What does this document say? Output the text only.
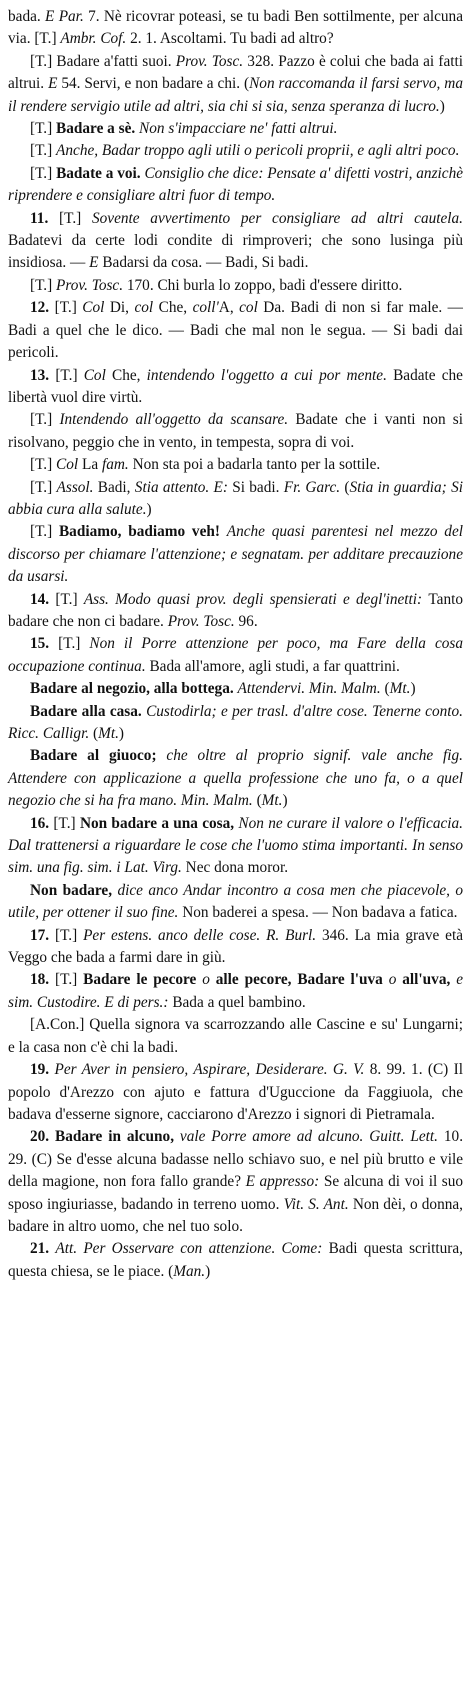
bada. E Par. 7. Nè ricovrar poteasi, se tu badi Ben sottilmente, per alcuna via. [T.] Ambr. Cof. 2. 1. Ascoltami. Tu badi ad altro?

[T.] Badare a'fatti suoi. Prov. Tosc. 328. Pazzo è colui che bada ai fatti altrui. E 54. Servi, e non badare a chi. (Non raccomanda il farsi servo, ma il rendere servigio utile ad altri, sia chi si sia, senza speranza di lucro.)

[T.] Badare a sè. Non s'impacciare ne' fatti altrui.

[T.] Anche, Badar troppo agli utili o pericoli proprii, e agli altri poco.

[T.] Badate a voi. Consiglio che dice: Pensate a' difetti vostri, anzichè riprendere e consigliare altri fuor di tempo.

11. [T.] Sovente avvertimento per consigliare ad altri cautela. Badatevi da certe lodi condite di rimproveri; che sono lusinga più insidiosa. — E Badarsi da cosa. — Badi, Si badi.

[T.] Prov. Tosc. 170. Chi burla lo zoppo, badi d'essere diritto.

12. [T.] Col Di, col Che, coll'A, col Da. Badi di non si far male. — Badi a quel che le dico. — Badi che mal non le segua. — Si badi dai pericoli.

13. [T.] Col Che, intendendo l'oggetto a cui por mente. Badate che libertà vuol dire virtù.

[T.] Intendendo all'oggetto da scansare. Badate che i vanti non si risolvano, peggio che in vento, in tempesta, sopra di voi.

[T.] Col La fam. Non sta poi a badarla tanto per la sottile.

[T.] Assol. Badi, Stia attento. E: Si badi. Fr. Garc. (Stia in guardia; Si abbia cura alla salute.)

[T.] Badiamo, badiamo veh! Anche quasi parentesi nel mezzo del discorso per chiamare l'attenzione; e segnatam. per additare precauzione da usarsi.

14. [T.] Ass. Modo quasi prov. degli spensierati e degl'inetti: Tanto badare che non ci badare. Prov. Tosc. 96.

15. [T.] Non il Porre attenzione per poco, ma Fare della cosa occupazione continua. Bada all'amore, agli studi, a far quattrini.

Badare al negozio, alla bottega. Attendervi. Min. Malm. (Mt.)

Badare alla casa. Custodirla; e per trasl. d'altre cose. Tenerne conto. Ricc. Calligr. (Mt.)

Badare al giuoco; che oltre al proprio signif. vale anche fig. Attendere con applicazione a quella professione che uno fa, o a quel negozio che si ha fra mano. Min. Malm. (Mt.)

16. [T.] Non badare a una cosa, Non ne curare il valore o l'efficacia. Dal trattenersi a riguardare le cose che l'uomo stima importanti. In senso sim. una fig. sim. i Lat. Virg. Nec dona moror.

Non badare, dice anco Andar incontro a cosa men che piacevole, o utile, per ottener il suo fine. Non baderei a spesa. — Non badava a fatica.

17. [T.] Per estens. anco delle cose. R. Burl. 346. La mia grave età Veggo che bada a farmi dare in giù.

18. [T.] Badare le pecore o alle pecore, Badare l'uva o all'uva, e sim. Custodire. E di pers.: Bada a quel bambino.

[A.Con.] Quella signora va scarrozzando alle Cascine e su' Lungarni; e la casa non c'è chi la badi.

19. Per Aver in pensiero, Aspirare, Desiderare. G. V. 8. 99. 1. (C) Il popolo d'Arezzo con ajuto e fattura d'Uguccione da Faggiuola, che badava d'esserne signore, cacciarono d'Arezzo i signori di Pietramala.

20. Badare in alcuno, vale Porre amore ad alcuno. Guitt. Lett. 10. 29. (C) Se d'esse alcuna badasse nello schiavo suo, e nel più brutto e vile della magione, non fora fallo grande? E appresso: Se alcuna di voi il suo sposo ingiuriasse, badando in terreno uomo. Vit. S. Ant. Non dèi, o donna, badare in altro uomo, che nel tuo solo.

21. Att. Per Osservare con attenzione. Come: Badi questa scrittura, questa chiesa, se le piace. (Man.)
